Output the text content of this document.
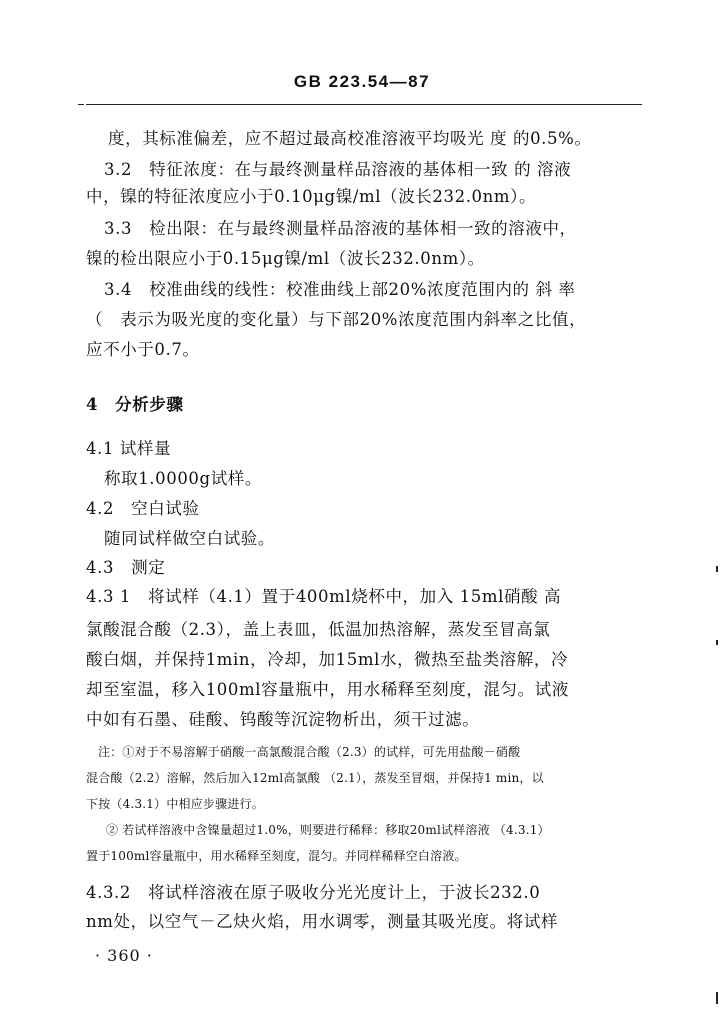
GB 223.54—87
度，其标准偏差，应不超过最高校准溶液平均吸光 度 的0.5%。
3.2　特征浓度：在与最终测量样品溶液的基体相一致 的 溶液
中，镍的特征浓度应小于0.10μg镍/ml（波长232.0nm）。
3.3　检出限：在与最终测量样品溶液的基体相一致的溶液中，
镍的检出限应小于0.15μg镍/ml（波长232.0nm）。
3.4　校准曲线的线性：校准曲线上部20%浓度范围内的 斜 率
（　表示为吸光度的变化量）与下部20%浓度范围内斜率之比值，
应不小于0.7。
4　分析步骤
4.1 试样量
称取1.0000g试样。
4.2　空白试验
随同试样做空白试验。
4.3　测定
4.3 1　将试样（4.1）置于400ml烧杯中，加入 15ml硝酸 高
氯酸混合酸（2.3），盖上表皿，低温加热溶解，蒸发至冒高氯
酸白烟，并保持1min，冷却，加15ml水，微热至盐类溶解，冷
却至室温，移入100ml容量瓶中，用水稀释至刻度，混匀。试液
中如有石墨、硅酸、钨酸等沉淀物析出，须干过滤。
注：①对于不易溶解于硝酸一高氯酸混合酸（2.3）的试样，可先用盐酸－硝酸
混合酸（2.2）溶解，然后加入12ml高氯酸 （2.1），蒸发至冒烟，并保持1 min，以
下按（4.3.1）中相应步骤进行。
② 若试样溶液中含镍量超过1.0%，则要进行稀释：移取20ml试样溶液 （4.3.1）
置于100ml容量瓶中，用水稀释至刻度，混匀。并同样稀释空白溶液。
4.3.2　将试样溶液在原子吸收分光光度计上，于波长232.0
nm处，以空气－乙炔火焰，用水调零，测量其吸光度。将试样
· 360 ·
